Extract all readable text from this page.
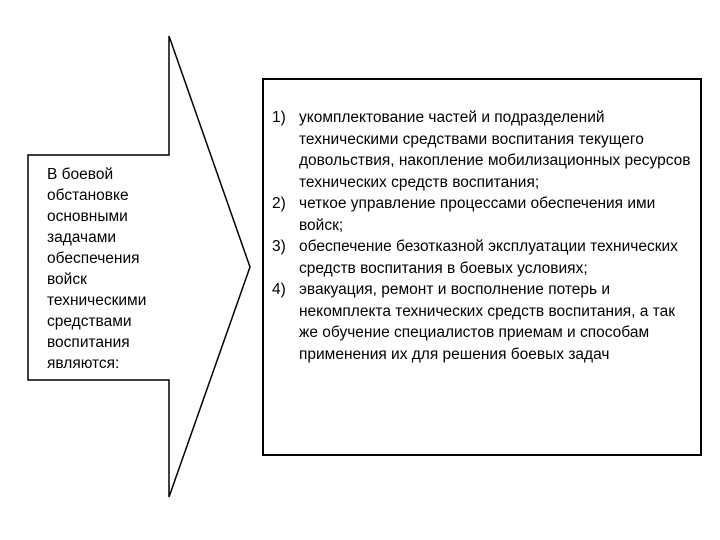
В боевой
обстановке
основными
задачами
обеспечения
войск
техническими
средствами
воспитания
являются:
1) укомплектование частей и подразделений техническими средствами воспитания текущего довольствия, накопление мобилизационных ресурсов технических средств воспитания;
2) четкое управление процессами обеспечения ими войск;
3) обеспечение безотказной эксплуатации технических средств воспитания в боевых условиях;
4) эвакуация, ремонт и восполнение потерь и некомплекта технических средств воспитания, а так же обучение специалистов приемам и способам применения их для решения боевых задач
